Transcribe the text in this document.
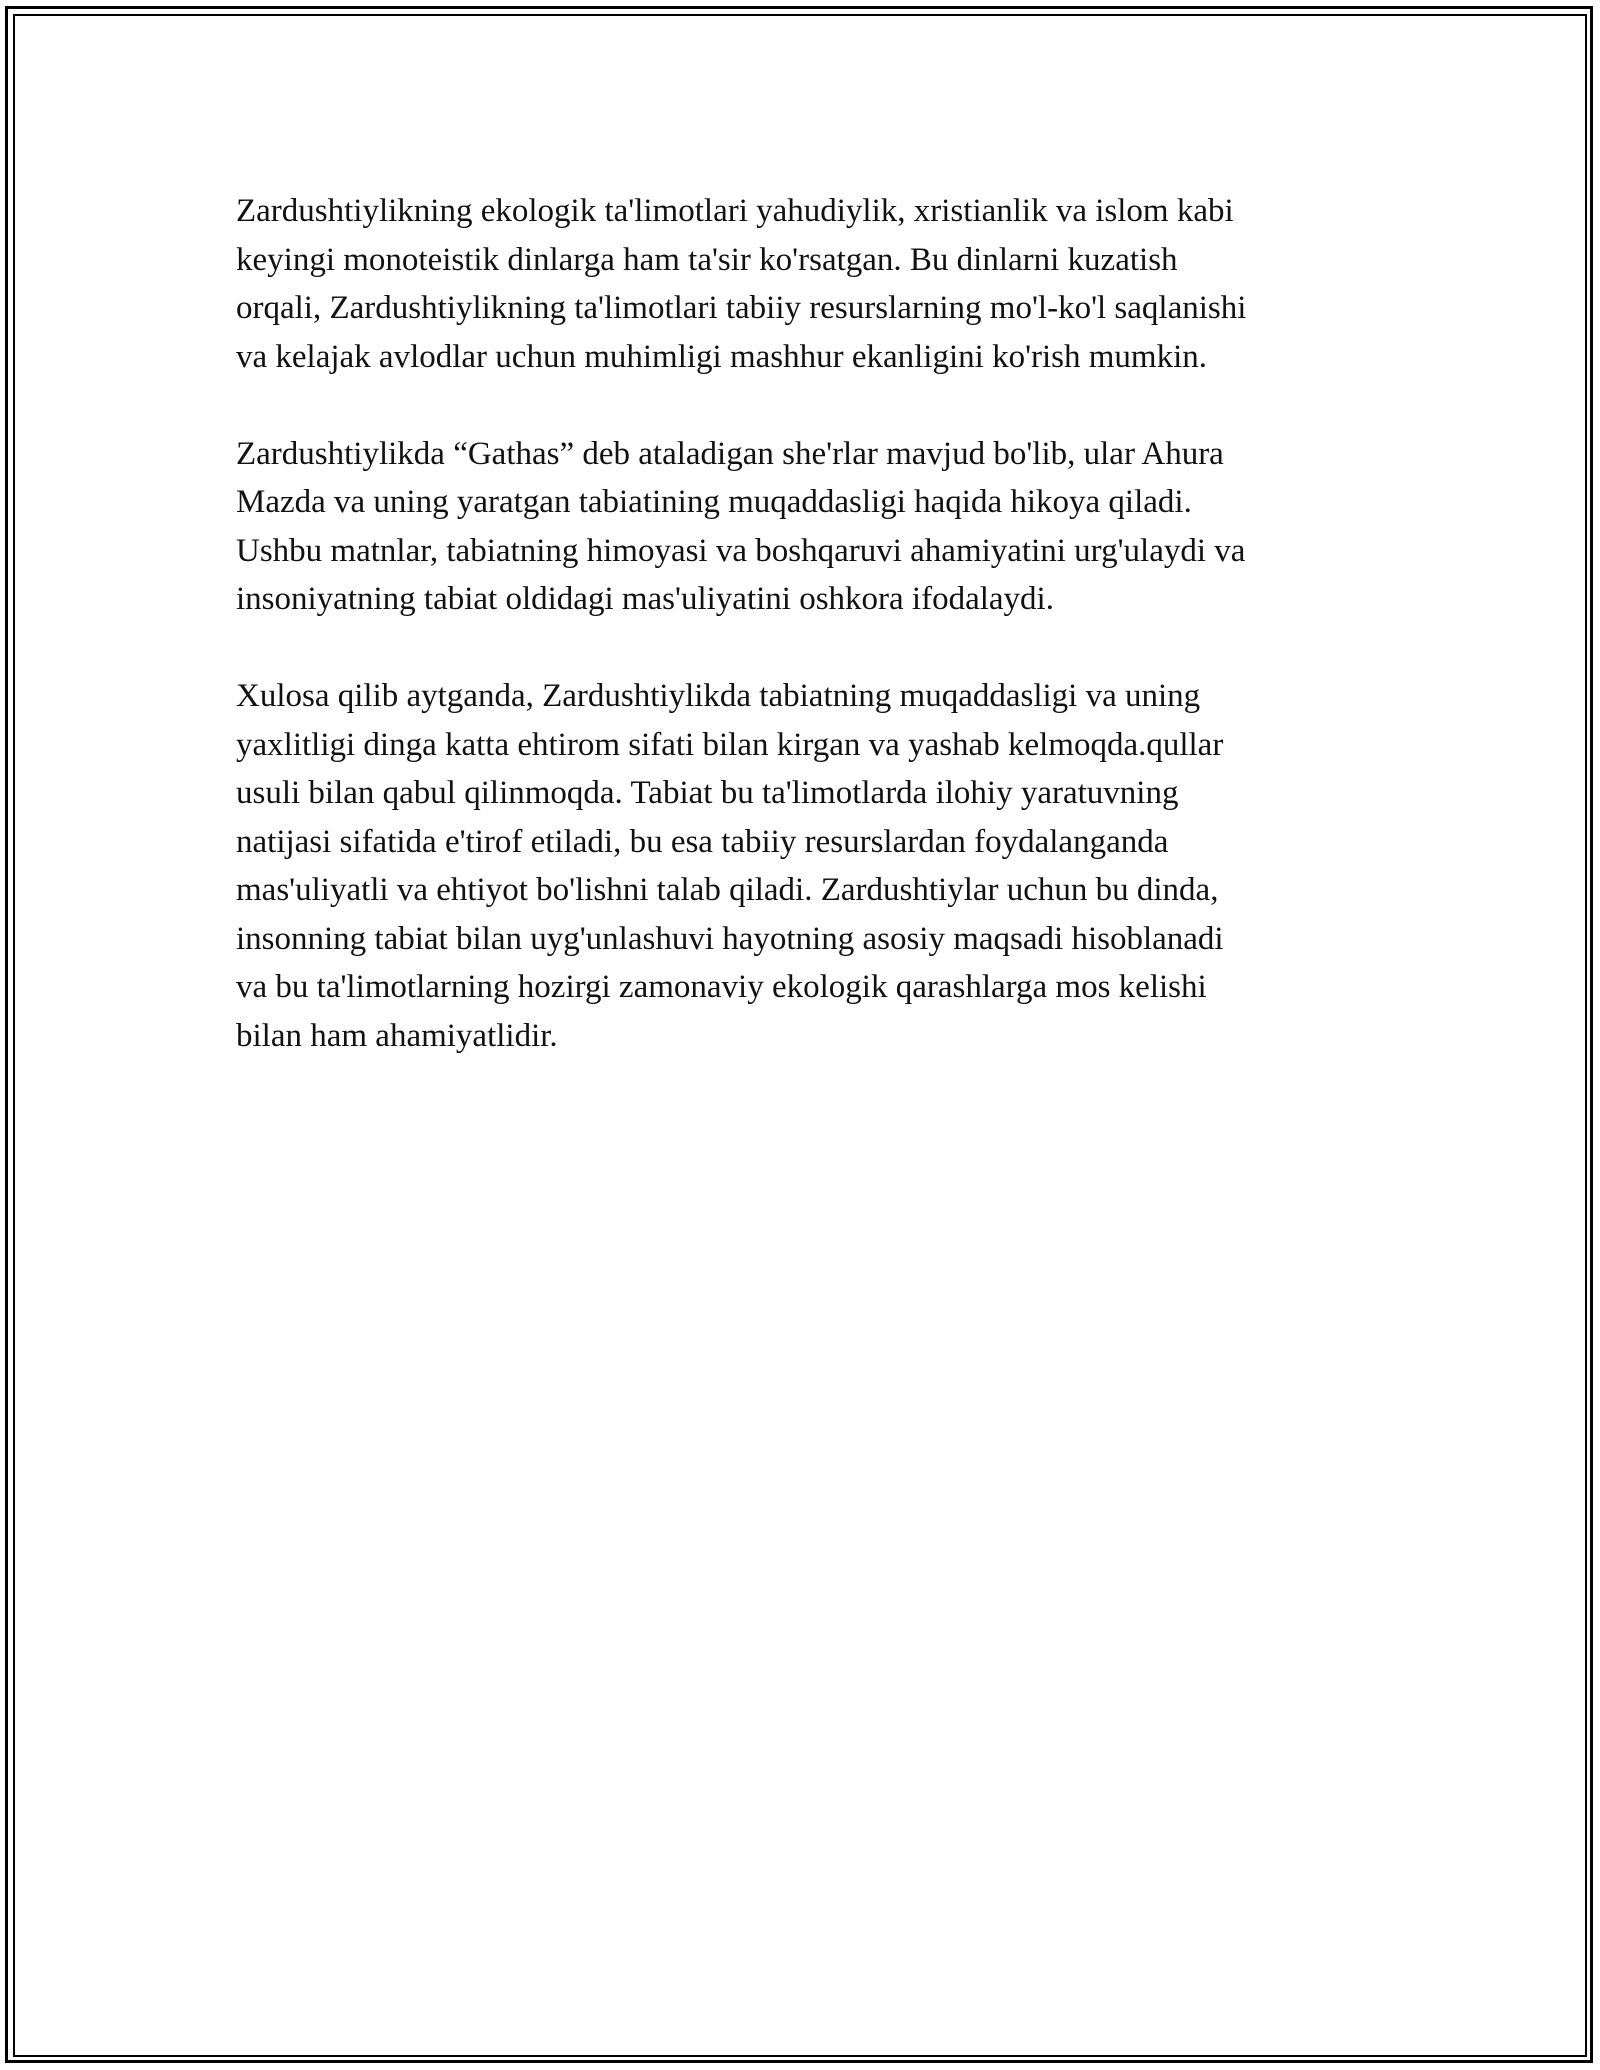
Zardushtiylikning ekologik ta'limotlari yahudiylik, xristianlik va islom kabi
keyingi monoteistik dinlarga ham ta'sir ko'rsatgan. Bu dinlarni kuzatish
orqali, Zardushtiylikning ta'limotlari tabiiy resurslarning mo'l-ko'l saqlanishi
va kelajak avlodlar uchun muhimligi mashhur ekanligini ko'rish mumkin.

Zardushtiylikda “Gathas” deb ataladigan she'rlar mavjud bo'lib, ular Ahura
Mazda va uning yaratgan tabiatining muqaddasligi haqida hikoya qiladi.
Ushbu matnlar, tabiatning himoyasi va boshqaruvi ahamiyatini urg'ulaydi va
insoniyatning tabiat oldidagi mas'uliyatini oshkora ifodalaydi.

Xulosa qilib aytganda, Zardushtiylikda tabiatning muqaddasligi va uning
yaxlitligi dinga katta ehtirom sifati bilan kirgan va yashab kelmoqda.qullar
usuli bilan qabul qilinmoqda. Tabiat bu ta'limotlarda ilohiy yaratuvning
natijasi sifatida e'tirof etiladi, bu esa tabiiy resurslardan foydalanganda
mas'uliyatli va ehtiyot bo'lishni talab qiladi. Zardushtiylar uchun bu dinda,
insonning tabiat bilan uyg'unlashuvi hayotning asosiy maqsadi hisoblanadi
va bu ta'limotlarning hozirgi zamonaviy ekologik qarashlarga mos kelishi
bilan ham ahamiyatlidir.
